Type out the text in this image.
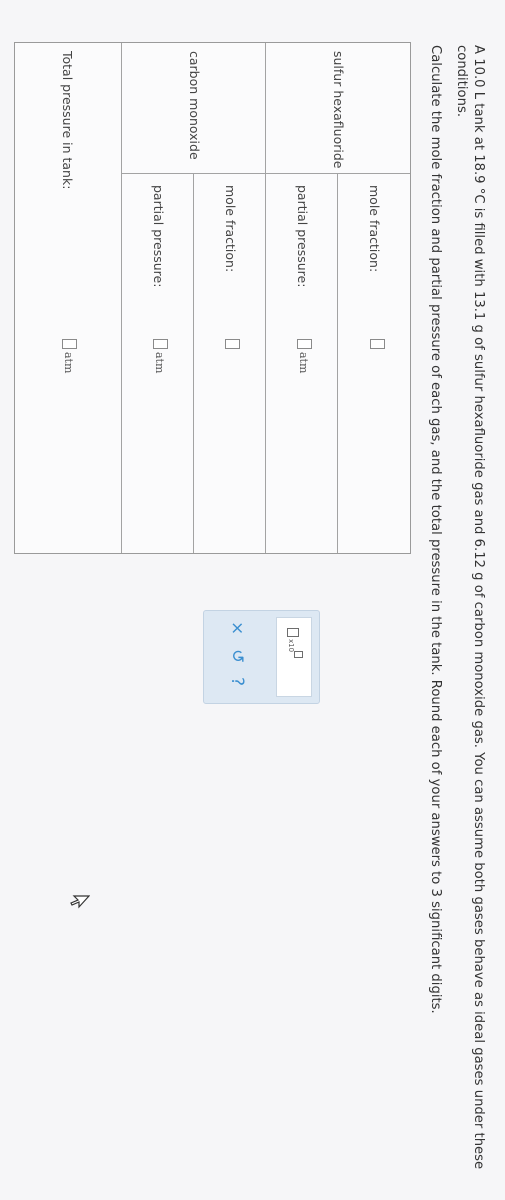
A 10.0 L tank at 18.9 °C is filled with 13.1 g of sulfur hexafluoride gas and 6.12 g of carbon monoxide gas. You can assume both gases behave as ideal gases under these conditions.

Calculate the mole fraction and partial pressure of each gas, and the total pressure in the tank. Round each of your answers to 3 significant digits.

sulfur hexafluoride
mole fraction:
partial pressure:
atm
carbon monoxide
mole fraction:
partial pressure:
atm
Total pressure in tank:
atm
x10
×
↺
?
